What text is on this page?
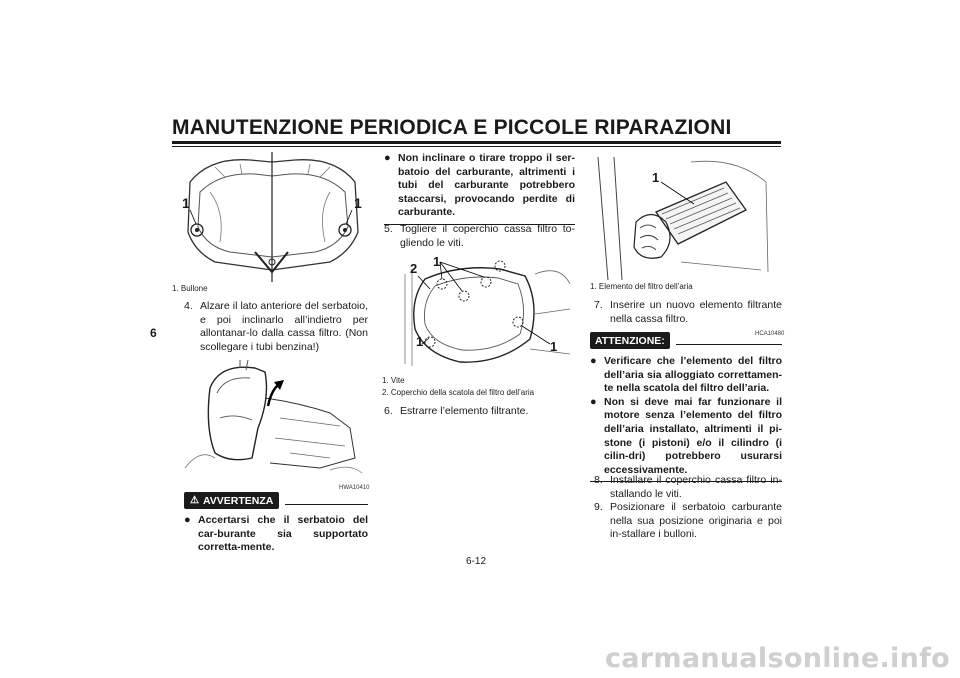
MANUTENZIONE PERIODICA E PICCOLE RIPARAZIONI
6
1	1
1. Bullone
4. Alzare il lato anteriore del serbatoio, e poi inclinarlo all’indietro per allontanar-lo dalla cassa filtro. (Non scollegare i tubi benzina!)
HWA10410
⚠ AVVERTENZA
● Accertarsi che il serbatoio del car-burante sia supportato corretta-mente.
● Non inclinare o tirare troppo il ser-batoio del carburante, altrimenti i tubi del carburante potrebbero staccarsi, provocando perdite di carburante.
5. Togliere il coperchio cassa filtro to-gliendo le viti.
2 1
1	1
1. Vite
2. Coperchio della scatola del filtro dell’aria
6. Estrarre l’elemento filtrante.
1
1. Elemento del filtro dell’aria
7. Inserire un nuovo elemento filtrante nella cassa filtro.
HCA10480
ATTENZIONE:
● Verificare che l’elemento del filtro dell’aria sia alloggiato correttamen-te nella scatola del filtro dell’aria.
● Non si deve mai far funzionare il motore senza l’elemento del filtro dell’aria installato, altrimenti il pi-stone (i pistoni) e/o il cilindro (i cilin-dri) potrebbero usurarsi eccessivamente.
8. Installare il coperchio cassa filtro in-stallando le viti.
9. Posizionare il serbatoio carburante nella sua posizione originaria e poi in-stallare i bulloni.
6-12
carmanualsonline.info
